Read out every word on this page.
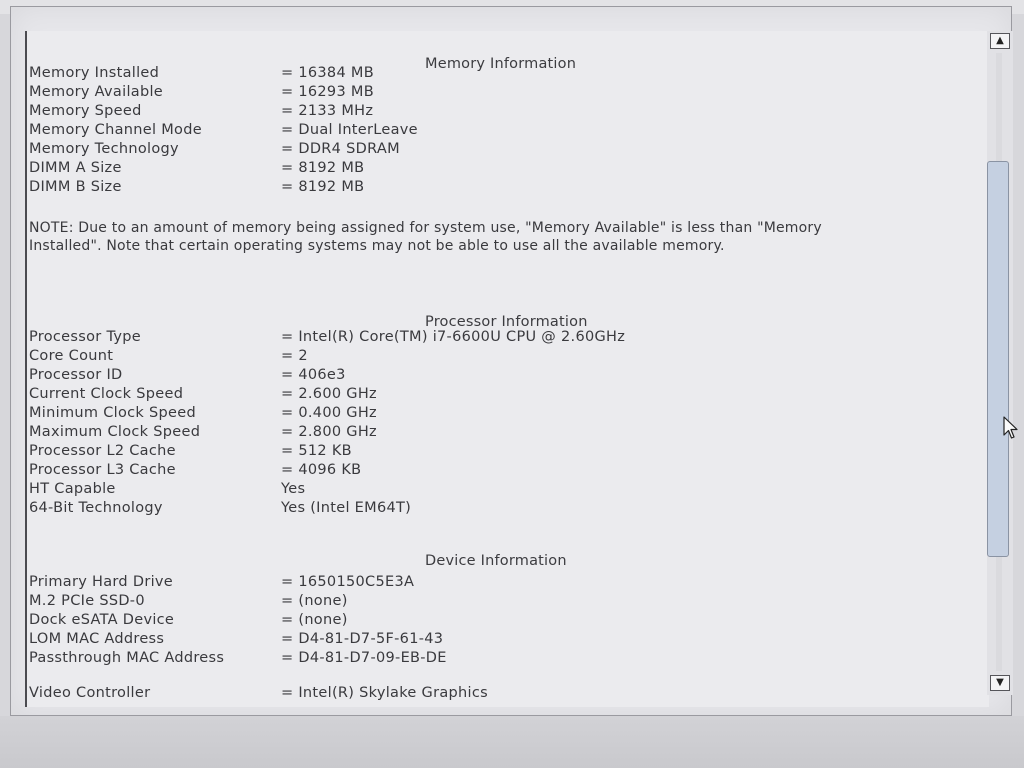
Memory Information
Memory Installed	= 16384 MB
Memory Available	= 16293 MB
Memory Speed	= 2133 MHz
Memory Channel Mode	= Dual InterLeave
Memory Technology	= DDR4 SDRAM
DIMM A Size	= 8192 MB
DIMM B Size	= 8192 MB
NOTE: Due to an amount of memory being assigned for system use, "Memory Available" is less than "Memory Installed". Note that certain operating systems may not be able to use all the available memory.
Processor Information
Processor Type	= Intel(R) Core(TM) i7-6600U CPU @ 2.60GHz
Core Count	= 2
Processor ID	= 406e3
Current Clock Speed	= 2.600 GHz
Minimum Clock Speed	= 0.400 GHz
Maximum Clock Speed	= 2.800 GHz
Processor L2 Cache	= 512 KB
Processor L3 Cache	= 4096 KB
HT Capable	Yes
64-Bit Technology	Yes (Intel EM64T)
Device Information
Primary Hard Drive	= 1650150C5E3A
M.2 PCIe SSD-0	= (none)
Dock eSATA Device	= (none)
LOM MAC Address	= D4-81-D7-5F-61-43
Passthrough MAC Address	= D4-81-D7-09-EB-DE
Video Controller	= Intel(R) Skylake Graphics
▲
▼
